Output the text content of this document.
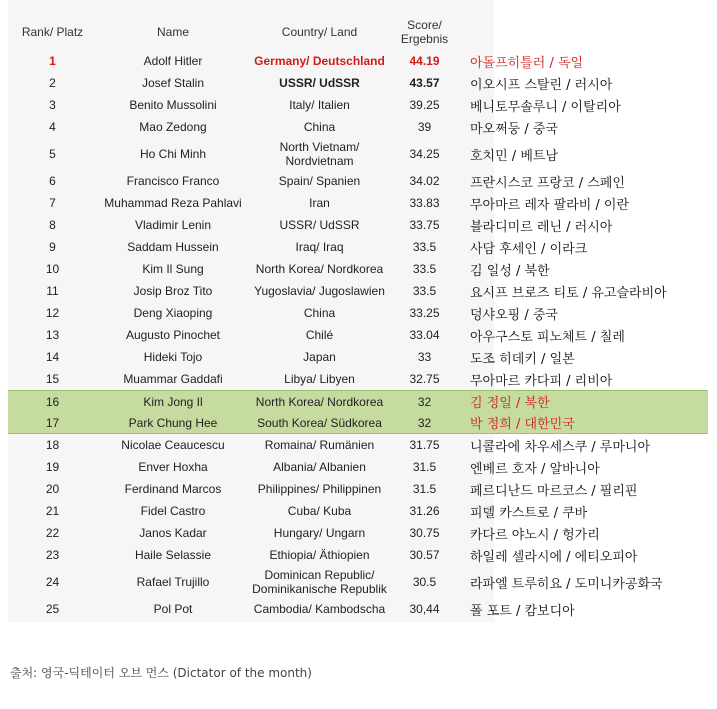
Rank/ Platz	Name	Country/ Land	Score/
Ergebnis
1	Adolf Hitler	Germany/ Deutschland	44.19	아돌프히틀러 / 독일
2	Josef Stalin	USSR/ UdSSR	43.57	이오시프 스탈린 / 러시아
3	Benito Mussolini	Italy/ Italien	39.25	베니토무솔루니 / 이탈리아
4	Mao Zedong	China	39	마오쩌둥 / 중국
5	Ho Chi Minh	North Vietnam/
Nordvietnam	34.25	호치민 / 베트남
6	Francisco Franco	Spain/ Spanien	34.02	프란시스코 프랑코 / 스페인
7	Muhammad Reza Pahlavi	Iran	33.83	무아마르 레자 팔라비 / 이란
8	Vladimir Lenin	USSR/ UdSSR	33.75	블라디미르 레닌 / 러시아
9	Saddam Hussein	Iraq/ Iraq	33.5	사담 후세인 / 이라크
10	Kim Il Sung	North Korea/ Nordkorea	33.5	김 일성 / 북한
11	Josip Broz Tito	Yugoslavia/ Jugoslawien	33.5	요시프 브로즈 티토 / 유고슬라비아
12	Deng Xiaoping	China	33.25	덩샤오핑 / 중국
13	Augusto Pinochet	Chilé	33.04	아우구스토 피노체트 / 칠레
14	Hideki Tojo	Japan	33	도조 히데키 / 일본
15	Muammar Gaddafi	Libya/ Libyen	32.75	무아마르 카다피 / 리비아
16	Kim Jong Il	North Korea/ Nordkorea	32	김 정일 / 북한
17	Park Chung Hee	South Korea/ Südkorea	32	박 정희 / 대한민국
18	Nicolae Ceaucescu	Romaina/ Rumänien	31.75	니콜라에 차우세스쿠 / 루마니아
19	Enver Hoxha	Albania/ Albanien	31.5	엔베르 호자 / 알바니아
20	Ferdinand Marcos	Philippines/ Philippinen	31.5	페르디난드 마르코스 / 필리핀
21	Fidel Castro	Cuba/ Kuba	31.26	피델 카스트로 / 쿠바
22	Janos Kadar	Hungary/ Ungarn	30.75	카다르 야노시 / 헝가리
23	Haile Selassie	Ethiopia/ Äthiopien	30.57	하일레 셀라시에 / 에티오피아
24	Rafael Trujillo	Dominican Republic/
Dominikanische Republik	30.5	라파엘 트루히요 / 도미니카공화국
25	Pol Pot	Cambodia/ Kambodscha	30,44	폴 포트 / 캄보디아
출처: 영국-딕테이터 오브 먼스 (Dictator of the month)
